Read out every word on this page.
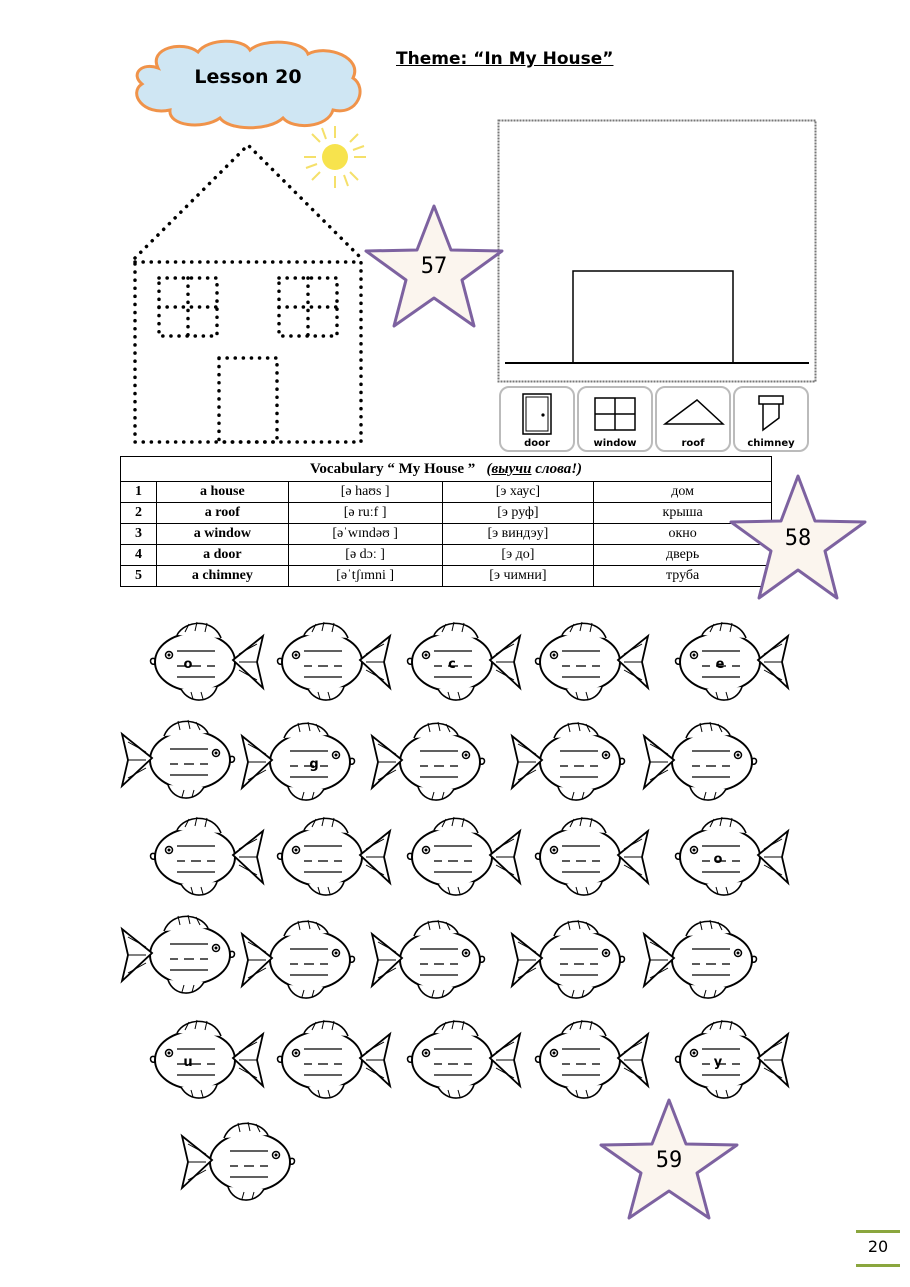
Lesson 20
Theme: “In My House”
door	window	roof	chimney
Vocabulary “ My House ” (выучи слова!)				
1	a house	[ə haʊs ]	[э хаус]	дом
2	a roof	[ə ruːf ]	[э руф]	крыша
3	a window	[əˈwɪndəʊ ]	[э виндэу]	окно
4	a door	[ə dɔː ]	[э до]	дверь
5	a chimney	[əˈtʃɪmni ]	[э чимни]	труба
57
58
59
o	c	e
g
o
u	y
20
